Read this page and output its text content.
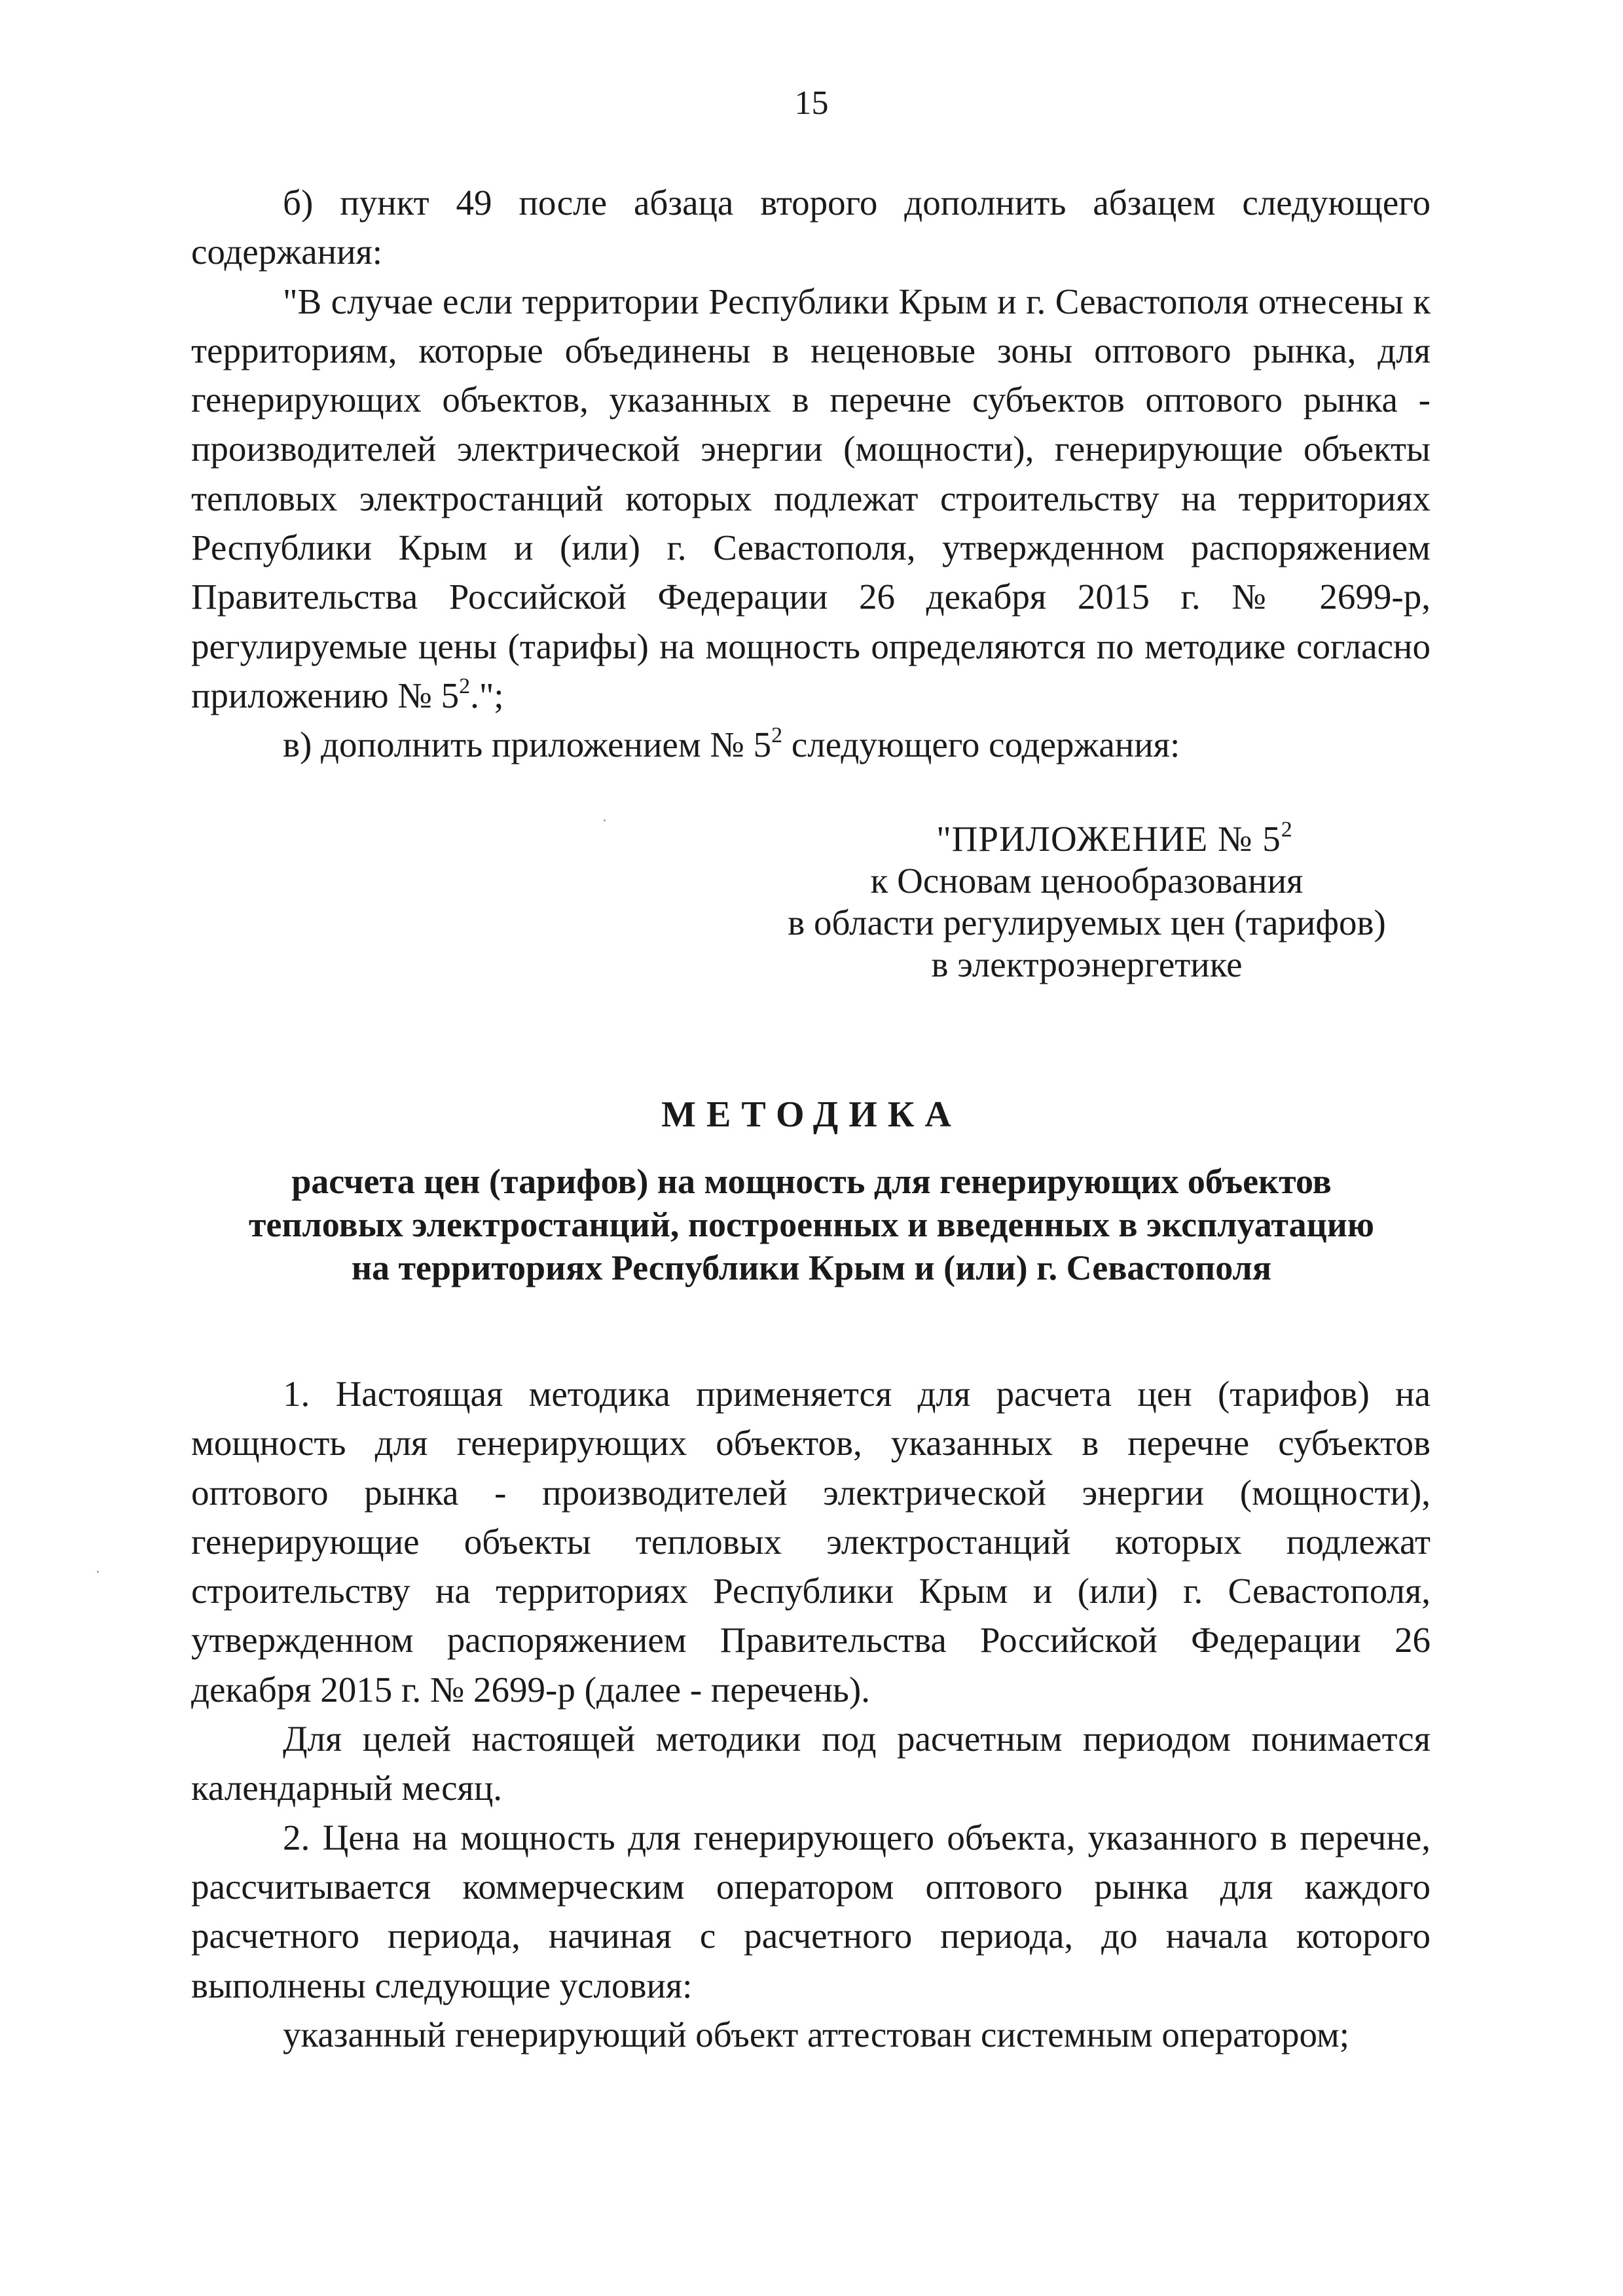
15

б) пункт 49 после абзаца второго дополнить абзацем следующего содержания:

"В случае если территории Республики Крым и г. Севастополя отнесены к территориям, которые объединены в неценовые зоны оптового рынка, для генерирующих объектов, указанных в перечне субъектов оптового рынка - производителей электрической энергии (мощности), генерирующие объекты тепловых электростанций которых подлежат строительству на территориях Республики Крым и (или) г. Севастополя, утвержденном распоряжением Правительства Российской Федерации 26 декабря 2015 г. № 2699-р, регулируемые цены (тарифы) на мощность определяются по методике согласно приложению № $5^2$.";

в) дополнить приложением № $5^2$ следующего содержания:

"ПРИЛОЖЕНИЕ № $5^2$
к Основам ценообразования
в области регулируемых цен (тарифов)
в электроэнергетике
МЕТОДИКА
расчета цен (тарифов) на мощность для генерирующих объектов
тепловых электростанций, построенных и введенных в эксплуатацию
на территориях Республики Крым и (или) г. Севастополя

1. Настоящая методика применяется для расчета цен (тарифов) на мощность для генерирующих объектов, указанных в перечне субъектов оптового рынка - производителей электрической энергии (мощности), генерирующие объекты тепловых электростанций которых подлежат строительству на территориях Республики Крым и (или) г. Севастополя, утвержденном распоряжением Правительства Российской Федерации 26 декабря 2015 г. № 2699-р (далее - перечень).

Для целей настоящей методики под расчетным периодом понимается календарный месяц.

2. Цена на мощность для генерирующего объекта, указанного в перечне, рассчитывается коммерческим оператором оптового рынка для каждого расчетного периода, начиная с расчетного периода, до начала которого выполнены следующие условия:

указанный генерирующий объект аттестован системным оператором;
